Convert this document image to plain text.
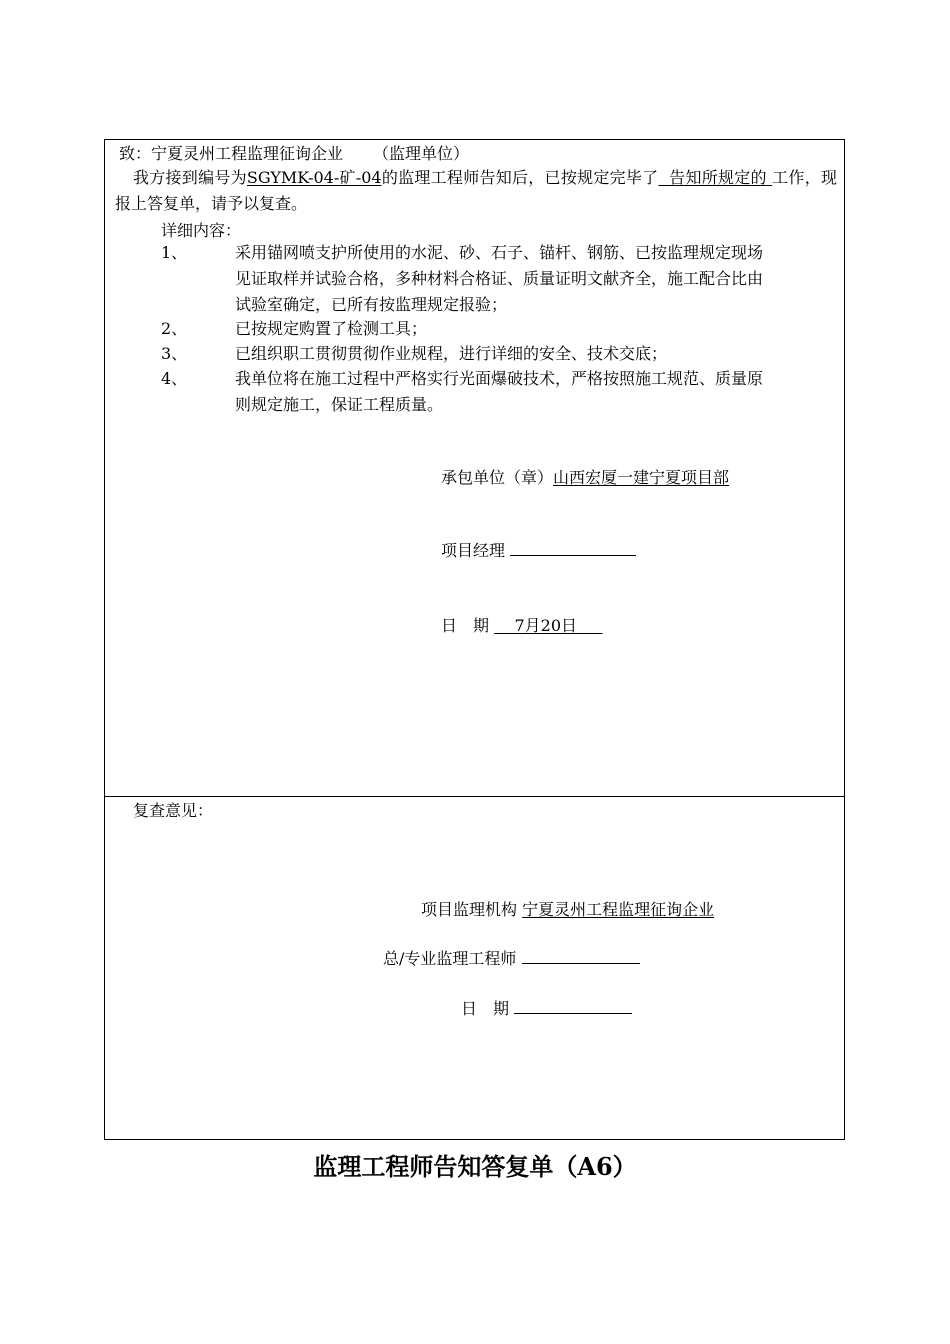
致：宁夏灵州工程监理征询企业 （监理单位）
我方接到编号为SGYMK-04-矿-04的监理工程师告知后，已按规定完毕了 告知所规定的 工作，现报上答复单，请予以复查。
详细内容：
1、	采用锚网喷支护所使用的水泥、砂、石子、锚杆、钢筋、已按监理规定现场见证取样并试验合格，多种材料合格证、质量证明文献齐全，施工配合比由试验室确定，已所有按监理规定报验；
2、	已按规定购置了检测工具；
3、	已组织职工贯彻贯彻作业规程，进行详细的安全、技术交底；
4、	我单位将在施工过程中严格实行光面爆破技术，严格按照施工规范、质量原则规定施工，保证工程质量。
承包单位（章）山西宏厦一建宁夏项目部
项目经理
日　期 7月20日
复查意见：
项目监理机构 宁夏灵州工程监理征询企业
总/专业监理工程师
日　期
监理工程师告知答复单（A6）
